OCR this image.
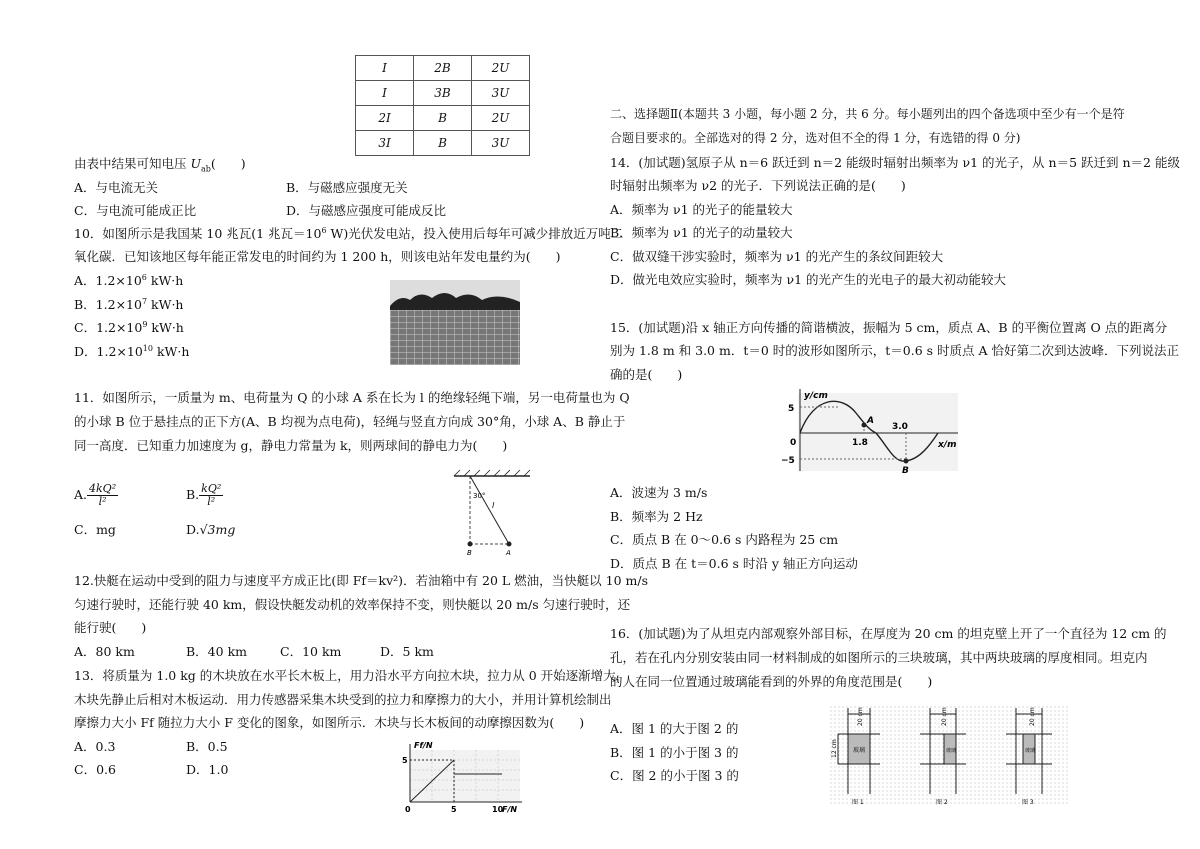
I	2B	2U
I	3B	3U
2I	B	2U
3I	B	3U
由表中结果可知电压 $U_{ab}$(　　)
A．与电流无关	B．与磁感应强度无关
C．与电流可能成正比	D．与磁感应强度可能成反比
10．如图所示是我国某 10 兆瓦(1 兆瓦$=10^6$ W)光伏发电站，投入使用后每年可减少排放近万吨二
氧化碳．已知该地区每年能正常发电的时间约为 1 200 h，则该电站年发电量约为(　　)
A．$1.2\times 10^6$ kW·h
B．$1.2\times 10^7$ kW·h
C．$1.2\times 10^9$ kW·h
D．$1.2\times 10^{10}$ kW·h
11．如图所示，一质量为 m、电荷量为 Q 的小球 A 系在长为 l 的绝缘轻绳下端，另一电荷量也为 Q
的小球 B 位于悬挂点的正下方(A、B 均视为点电荷)，轻绳与竖直方向成 30°角，小球 A、B 静止于
同一高度．已知重力加速度为 g，静电力常量为 k，则两球间的静电力为(　　)
A. $\frac{\text{4kQ²}}{\text{l²}}$	B. $\frac{\text{kQ²}}{\text{l²}}$
C．mg	D.√3mg
30°
l
B	A
12.快艇在运动中受到的阻力与速度平方成正比(即 Ff＝kv²)．若油箱中有 20 L 燃油，当快艇以 10 m/s
匀速行驶时，还能行驶 40 km，假设快艇发动机的效率保持不变，则快艇以 20 m/s 匀速行驶时，还
能行驶(　　)
A．80 km	B．40 km	C．10 km	D．5 km
13．将质量为 1.0 kg 的木块放在水平长木板上，用力沿水平方向拉木块，拉力从 0 开始逐渐增大，
木块先静止后相对木板运动．用力传感器采集木块受到的拉力和摩擦力的大小，并用计算机绘制出
摩擦力大小 Ff 随拉力大小 F 变化的图象，如图所示．木块与长木板间的动摩擦因数为(　　)
A．0.3	B．0.5
C．0.6	D．1.0
Ff/N
F/N
5
0	5	10
二、选择题Ⅱ(本题共 3 小题，每小题 2 分，共 6 分。每小题列出的四个备选项中至少有一个是符
合题目要求的。全部选对的得 2 分，选对但不全的得 1 分，有选错的得 0 分)
14．(加试题)氢原子从 n＝6 跃迁到 n＝2 能级时辐射出频率为 ν1 的光子，从 n＝5 跃迁到 n＝2 能级
时辐射出频率为 ν2 的光子．下列说法正确的是(　　)
A．频率为 ν1 的光子的能量较大
B．频率为 ν1 的光子的动量较大
C．做双缝干涉实验时，频率为 ν1 的光产生的条纹间距较大
D．做光电效应实验时，频率为 ν1 的光产生的光电子的最大初动能较大
15．(加试题)沿 x 轴正方向传播的简谐横波，振幅为 5 cm，质点 A、B 的平衡位置离 O 点的距离分
别为 1.8 m 和 3.0 m．t＝0 时的波形如图所示，t＝0.6 s 时质点 A 恰好第二次到达波峰．下列说法正
确的是(　　)
y/cm
x/m
5
−5
0	1.8
3.0
A
B
A．波速为 3 m/s
B．频率为 2 Hz
C．质点 B 在 0～0.6 s 内路程为 25 cm
D．质点 B 在 t＝0.6 s 时沿 y 轴正方向运动
16．(加试题)为了从坦克内部观察外部目标，在厚度为 20 cm 的坦克壁上开了一个直径为 12 cm 的
孔，若在孔内分别安装由同一材料制成的如图所示的三块玻璃，其中两块玻璃的厚度相同。坦克内
的人在同一位置通过玻璃能看到的外界的角度范围是(　　)
A．图 1 的大于图 2 的
B．图 1 的小于图 3 的
C．图 2 的小于图 3 的
20 cm
12 cm	玻璃
图 1
20 cm
玻璃
图 2
20 cm
玻璃
图 3
